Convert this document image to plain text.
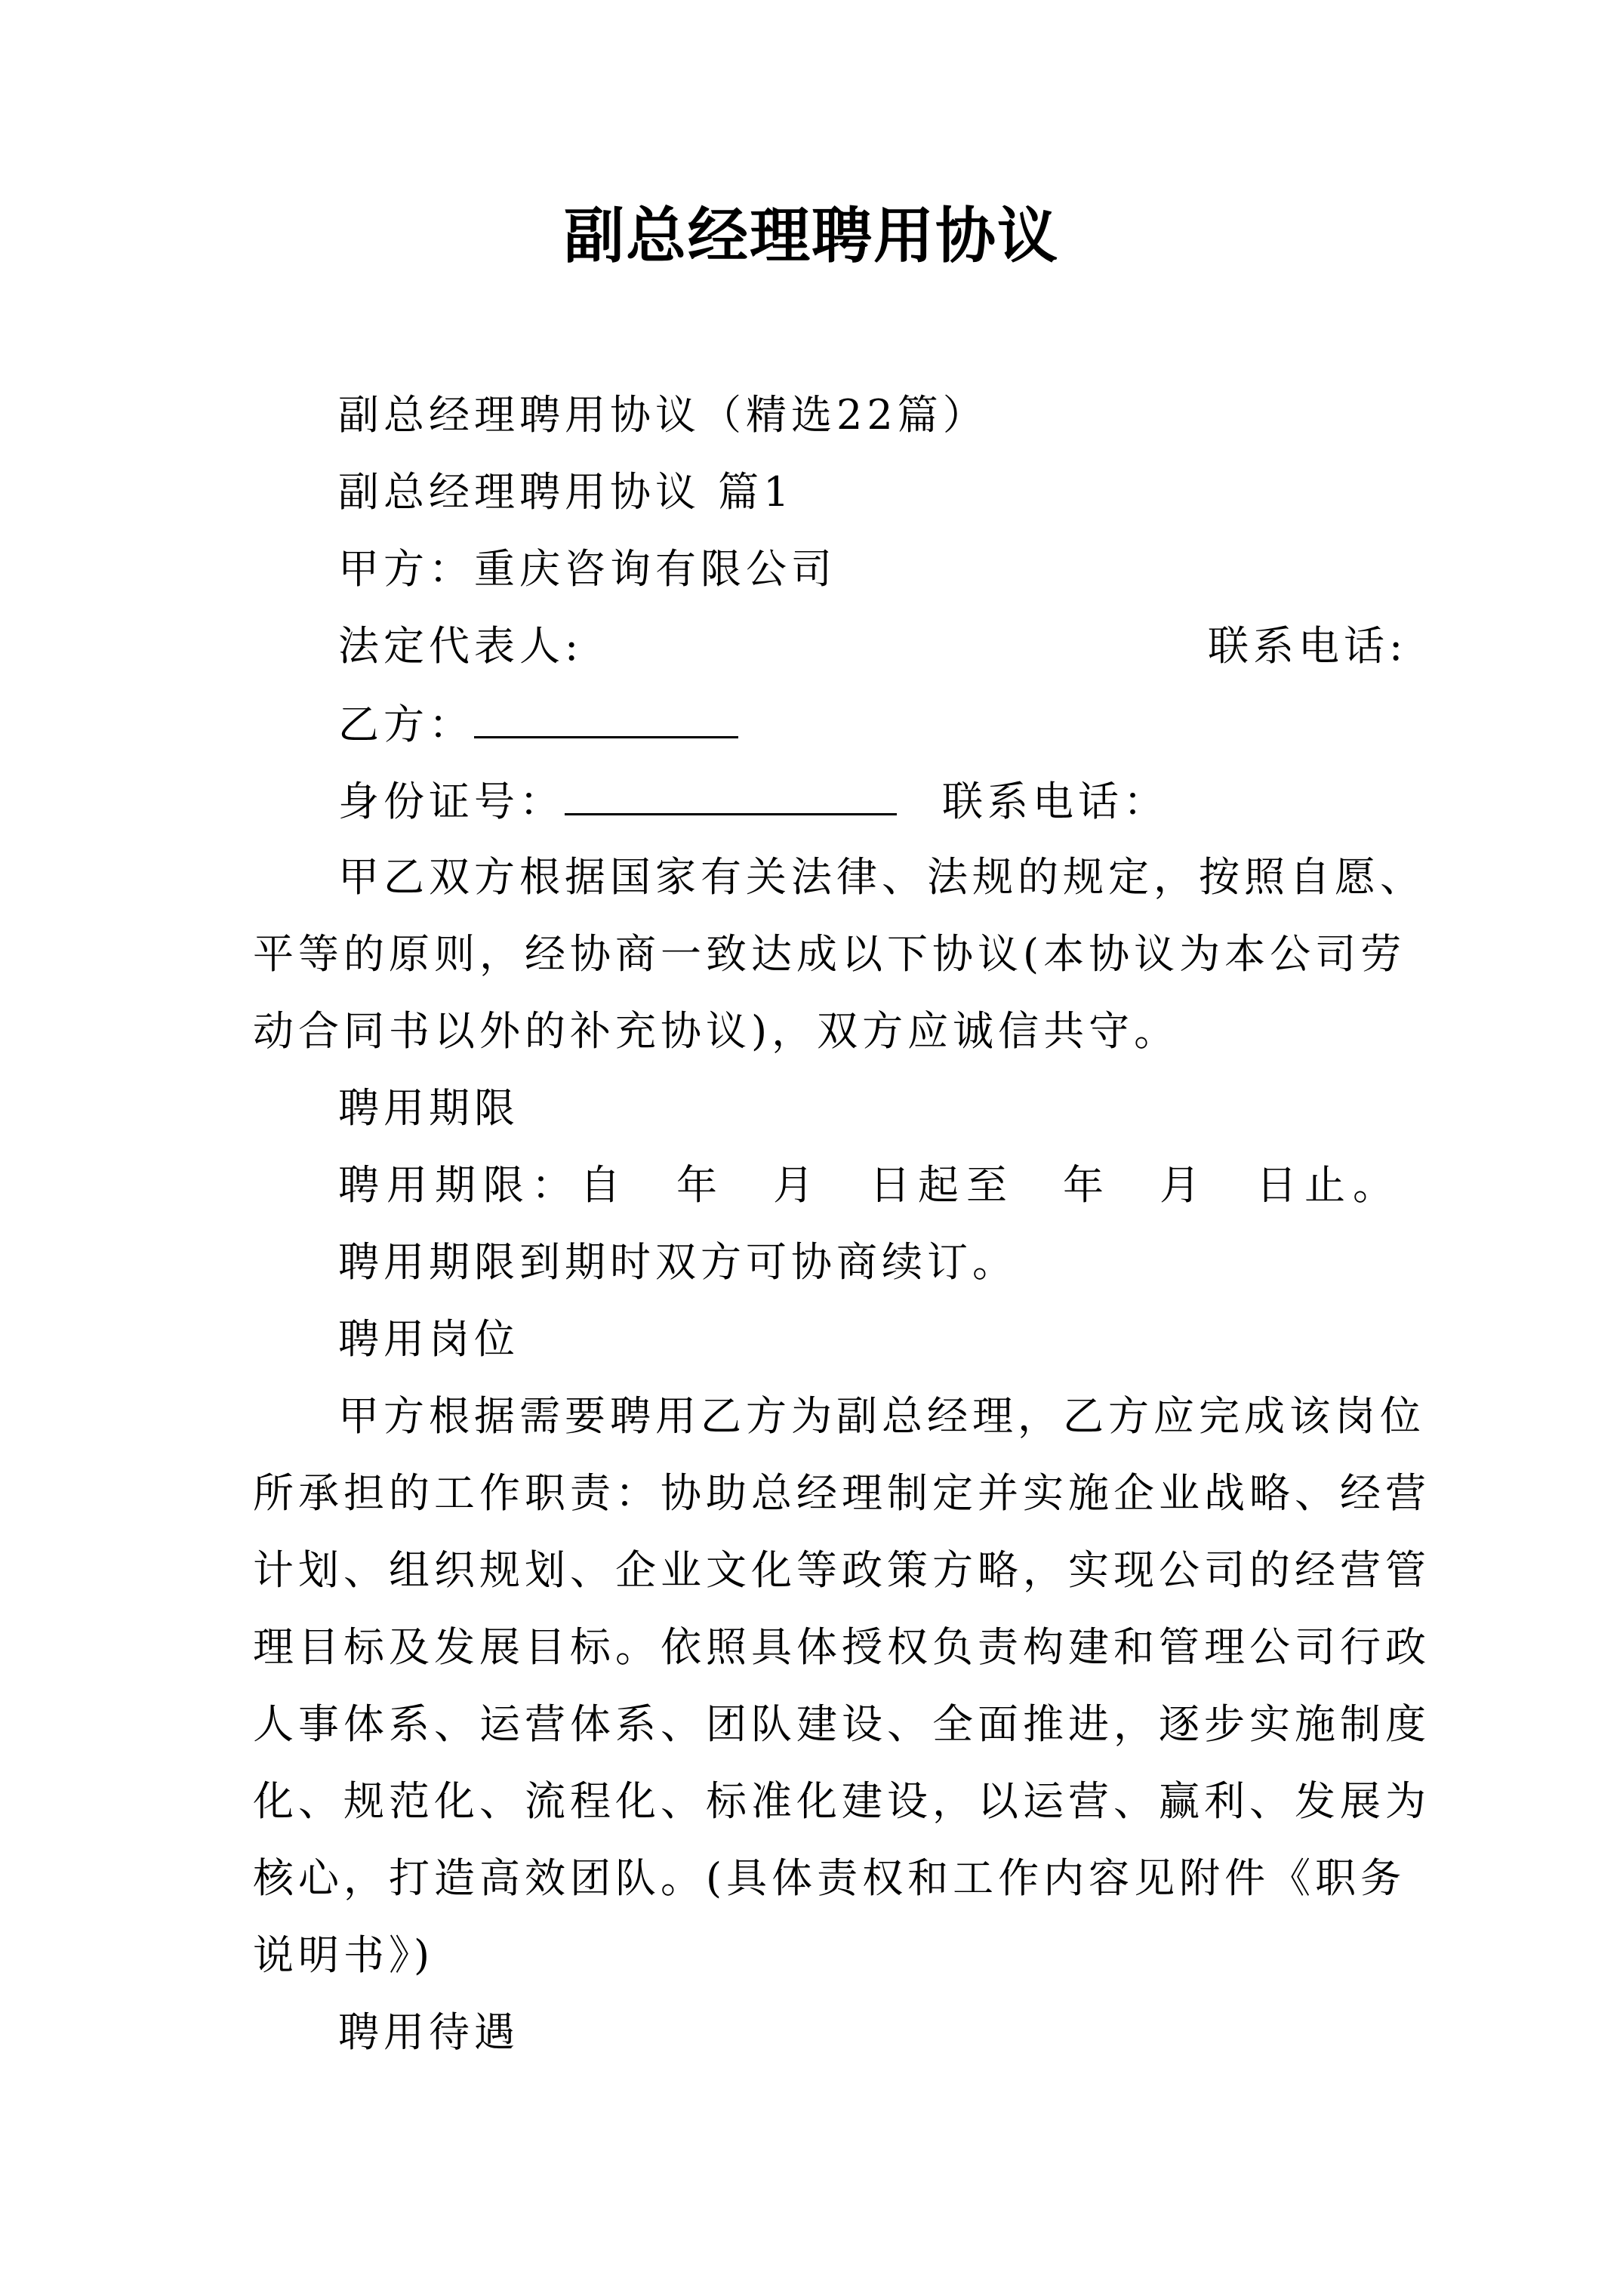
副总经理聘用协议
副总经理聘用协议（精选22篇）
副总经理聘用协议 篇1
甲方：重庆咨询有限公司
法定代表人:	联系电话:
乙方：
身份证号：	联系电话：
甲乙双方根据国家有关法律、法规的规定，按照自愿、
平等的原则，经协商一致达成以下协议(本协议为本公司劳
动合同书以外的补充协议)，双方应诚信共守。
聘用期限
聘用期限：自　年　月　日起至　年　月　日止。
聘用期限到期时双方可协商续订。
聘用岗位
甲方根据需要聘用乙方为副总经理，乙方应完成该岗位
所承担的工作职责：协助总经理制定并实施企业战略、经营
计划、组织规划、企业文化等政策方略，实现公司的经营管
理目标及发展目标。依照具体授权负责构建和管理公司行政
人事体系、运营体系、团队建设、全面推进，逐步实施制度
化、规范化、流程化、标准化建设，以运营、赢利、发展为
核心，打造高效团队。(具体责权和工作内容见附件《职务
说明书》)
聘用待遇
